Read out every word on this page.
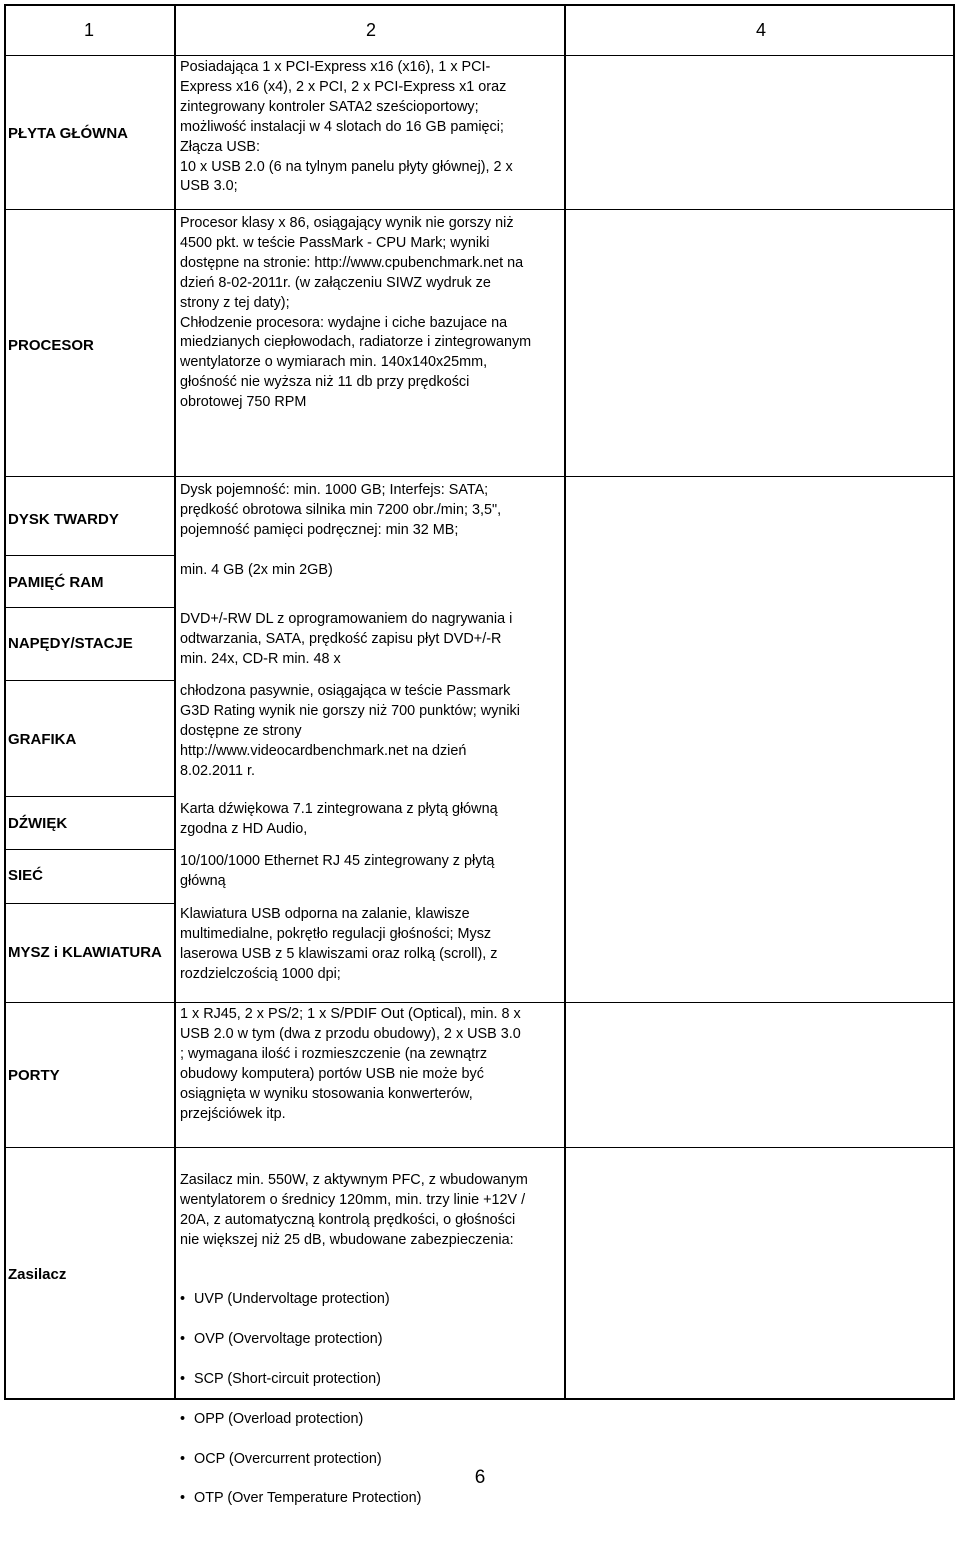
1	2	4
PŁYTA GŁÓWNA
PROCESOR
DYSK TWARDY
PAMIĘĆ RAM
NAPĘDY/STACJE
GRAFIKA
DŹWIĘK
SIEĆ
MYSZ i KLAWIATURA
PORTY
Zasilacz
Posiadająca 1 x PCI-Express x16 (x16), 1 x PCI-
Express x16 (x4), 2 x PCI, 2 x PCI-Express x1 oraz
zintegrowany kontroler SATA2 sześcioportowy;
możliwość instalacji w 4 slotach do 16 GB pamięci;
Złącza USB:
10 x USB 2.0 (6 na tylnym panelu płyty głównej), 2 x
USB 3.0;
Procesor klasy x 86, osiągający wynik nie gorszy niż
4500 pkt. w teście PassMark - CPU Mark; wyniki
dostępne na stronie: http://www.cpubenchmark.net na
dzień 8-02-2011r. (w załączeniu SIWZ wydruk ze
strony z tej daty);
Chłodzenie procesora: wydajne i ciche bazujace na
miedzianych ciepłowodach, radiatorze i zintegrowanym
wentylatorze o wymiarach min. 140x140x25mm,
głośność nie wyższa niż 11 db przy prędkości
obrotowej 750 RPM
Dysk pojemność: min. 1000 GB; Interfejs: SATA;
prędkość obrotowa silnika min 7200 obr./min; 3,5",
pojemność pamięci podręcznej: min 32 MB;
min. 4 GB (2x min 2GB)
DVD+/-RW DL z oprogramowaniem do nagrywania i
odtwarzania, SATA, prędkość zapisu płyt DVD+/-R
min. 24x, CD-R min. 48 x
chłodzona pasywnie, osiągająca w teście Passmark
G3D Rating wynik nie gorszy niż 700 punktów; wyniki
dostępne ze strony
http://www.videocardbenchmark.net na dzień
8.02.2011 r.
Karta dźwiękowa 7.1 zintegrowana z płytą główną
zgodna z HD Audio,
10/100/1000 Ethernet RJ 45 zintegrowany z płytą
główną
Klawiatura USB odporna na zalanie, klawisze
multimedialne, pokrętło regulacji głośności; Mysz
laserowa USB z 5 klawiszami oraz rolką (scroll), z
rozdzielczością 1000 dpi;
1 x RJ45, 2 x PS/2; 1 x S/PDIF Out (Optical), min. 8 x
USB 2.0 w tym (dwa z przodu obudowy), 2 x USB 3.0
; wymagana ilość i rozmieszczenie (na zewnątrz
obudowy komputera) portów USB nie może być
osiągnięta w wyniku stosowania konwerterów,
przejściówek itp.

Zasilacz min. 550W, z aktywnym PFC, z wbudowanym
wentylatorem o średnicy 120mm, min. trzy linie +12V /
20A, z automatyczną kontrolą prędkości, o głośności
nie większej niż 25 dB, wbudowane zabezpieczenia:

• UVP (Undervoltage protection)

• OVP (Overvoltage protection)

• SCP (Short-circuit protection)

• OPP (Overload protection)

• OCP (Overcurrent protection)

• OTP (Over Temperature Protection)

6
